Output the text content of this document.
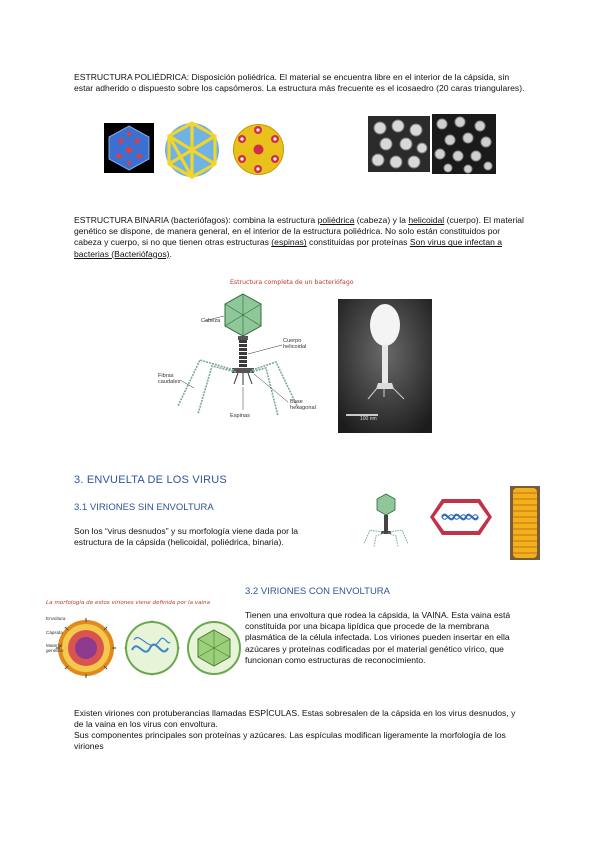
ESTRUCTURA POLIÉDRICA: Disposición poliédrica. El material se encuentra libre en el interior de la cápsida, sin estar adherido o dispuesto sobre los capsómeros. La estructura más frecuente es el icosaedro (20 caras triangulares).
ESTRUCTURA BINARIA (bacteriófagos): combina la estructura poliédrica (cabeza) y la helicoidal (cuerpo). El material genético se dispone, de manera general, en el interior de la estructura poliédrica. No solo están constituidos por cabeza y cuerpo, si no que tienen otras estructuras (espinas) constituidas por proteínas Son virus que infectan a bacterias (Bacteriófagos).
Estructura completa de un bacteriófago
Cabeza
Cuerpo helicoidal
Fibras caudales
Espinas
Base hexagonal
100 nm
3. ENVUELTA DE LOS VIRUS
3.1 VIRIONES SIN ENVOLTURA
Son los “virus desnudos” y su morfología viene dada por la estructura de la cápsida (helicoidal, poliédrica, binaria).
La morfología de estos viriones viene definida por la vaina
Envoltura
Cápsida
Material genético
3.2 VIRIONES CON ENVOLTURA
Tienen una envoltura que rodea la cápsida, la VAINA. Esta vaina está constituida por una bicapa lipídica que procede de la membrana plasmática de la célula infectada. Los viriones pueden insertar en ella azúcares y proteínas codificadas por el material genético vírico, que funcionan como estructuras de reconocimiento.
Existen viriones con protuberancias llamadas ESPÍCULAS. Estas sobresalen de la cápsida en los virus desnudos, y de la vaina en los virus con envoltura.
Sus componentes principales son proteínas y azúcares. Las espículas modifican ligeramente la morfología de los viriones
